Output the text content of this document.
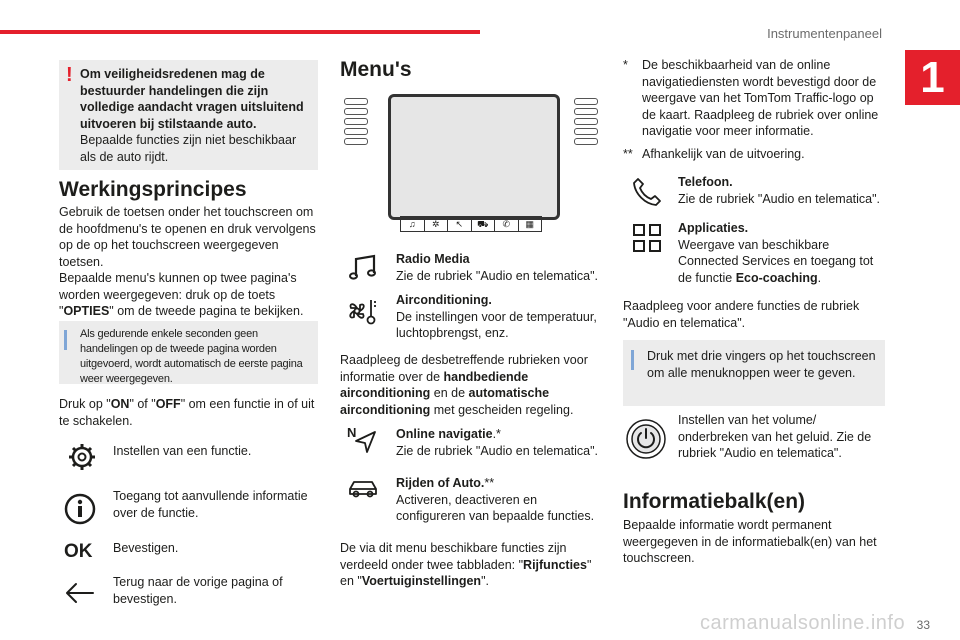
Instrumentenpaneel
1
! Om veiligheidsredenen mag de bestuurder handelingen die zijn volledige aandacht vragen uitsluitend uitvoeren bij stilstaande auto.
Bepaalde functies zijn niet beschikbaar als de auto rijdt.
Werkingsprincipes
Gebruik de toetsen onder het touchscreen om de hoofdmenu's te openen en druk vervolgens op de op het touchscreen weergegeven toetsen.
Bepaalde menu's kunnen op twee pagina's worden weergegeven: druk op de toets "OPTIES" om de tweede pagina te bekijken.
Als gedurende enkele seconden geen handelingen op de tweede pagina worden uitgevoerd, wordt automatisch de eerste pagina weer weergegeven.
Druk op "ON" of "OFF" om een functie in of uit te schakelen.
Instellen van een functie.
Toegang tot aanvullende informatie over de functie.
OK Bevestigen.
Terug naar de vorige pagina of bevestigen.
Menu's
♫	✲	↖	⛟	✆	▦
Radio Media
Zie de rubriek "Audio en telematica".
Airconditioning.
De instellingen voor de temperatuur, luchtopbrengst, enz.
Raadpleeg de desbetreffende rubrieken voor informatie over de handbediende airconditioning en de automatische airconditioning met gescheiden regeling.
N	Online navigatie.*
Zie de rubriek "Audio en telematica".
Rijden of Auto.**
Activeren, deactiveren en configureren van bepaalde functies.
De via dit menu beschikbare functies zijn verdeeld onder twee tabbladen: "Rijfuncties" en "Voertuiginstellingen".
* De beschikbaarheid van de online navigatiediensten wordt bevestigd door de weergave van het TomTom Traffic-logo op de kaart. Raadpleeg de rubriek over online navigatie voor meer informatie.
** Afhankelijk van de uitvoering.
Telefoon.
Zie de rubriek "Audio en telematica".
Applicaties.
Weergave van beschikbare Connected Services en toegang tot de functie Eco-coaching.
Raadpleeg voor andere functies de rubriek "Audio en telematica".
Druk met drie vingers op het touchscreen om alle menuknoppen weer te geven.
Instellen van het volume/ onderbreken van het geluid. Zie de rubriek "Audio en telematica".
Informatiebalk(en)
Bepaalde informatie wordt permanent weergegeven in de informatiebalk(en) van het touchscreen.
carmanualsonline.info 33
